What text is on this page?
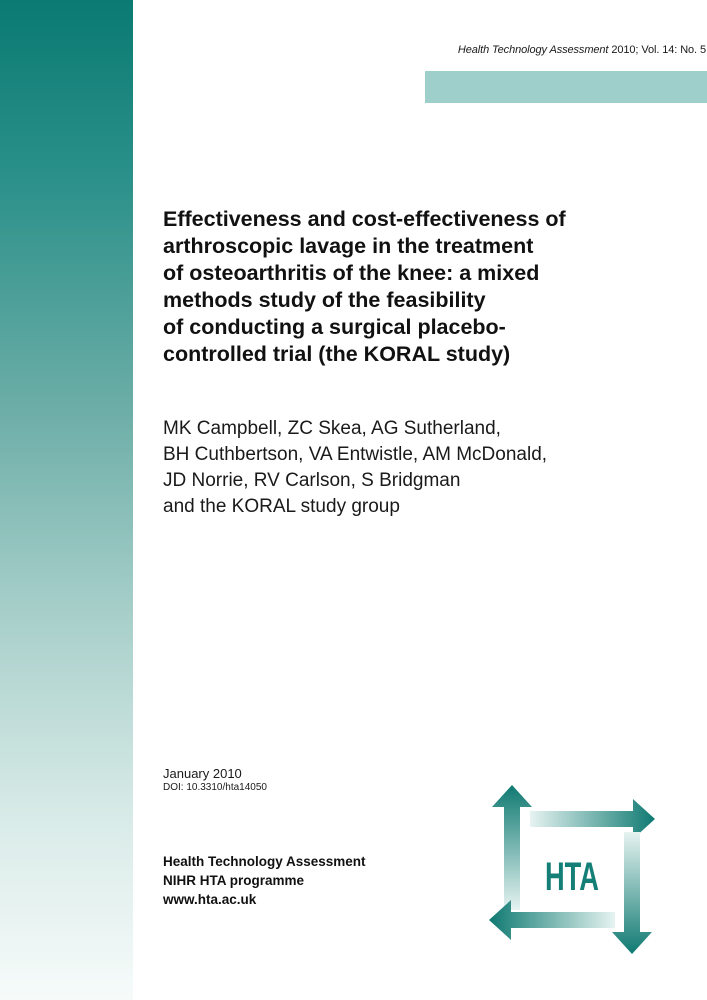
Health Technology Assessment 2010; Vol. 14: No. 5
Effectiveness and cost-effectiveness of
arthroscopic lavage in the treatment
of osteoarthritis of the knee: a mixed
methods study of the feasibility
of conducting a surgical placebo-
controlled trial (the KORAL study)
MK Campbell, ZC Skea, AG Sutherland,
BH Cuthbertson, VA Entwistle, AM McDonald,
JD Norrie, RV Carlson, S Bridgman
and the KORAL study group
January 2010
DOI: 10.3310/hta14050
Health Technology Assessment
NIHR HTA programme
www.hta.ac.uk
HTA
